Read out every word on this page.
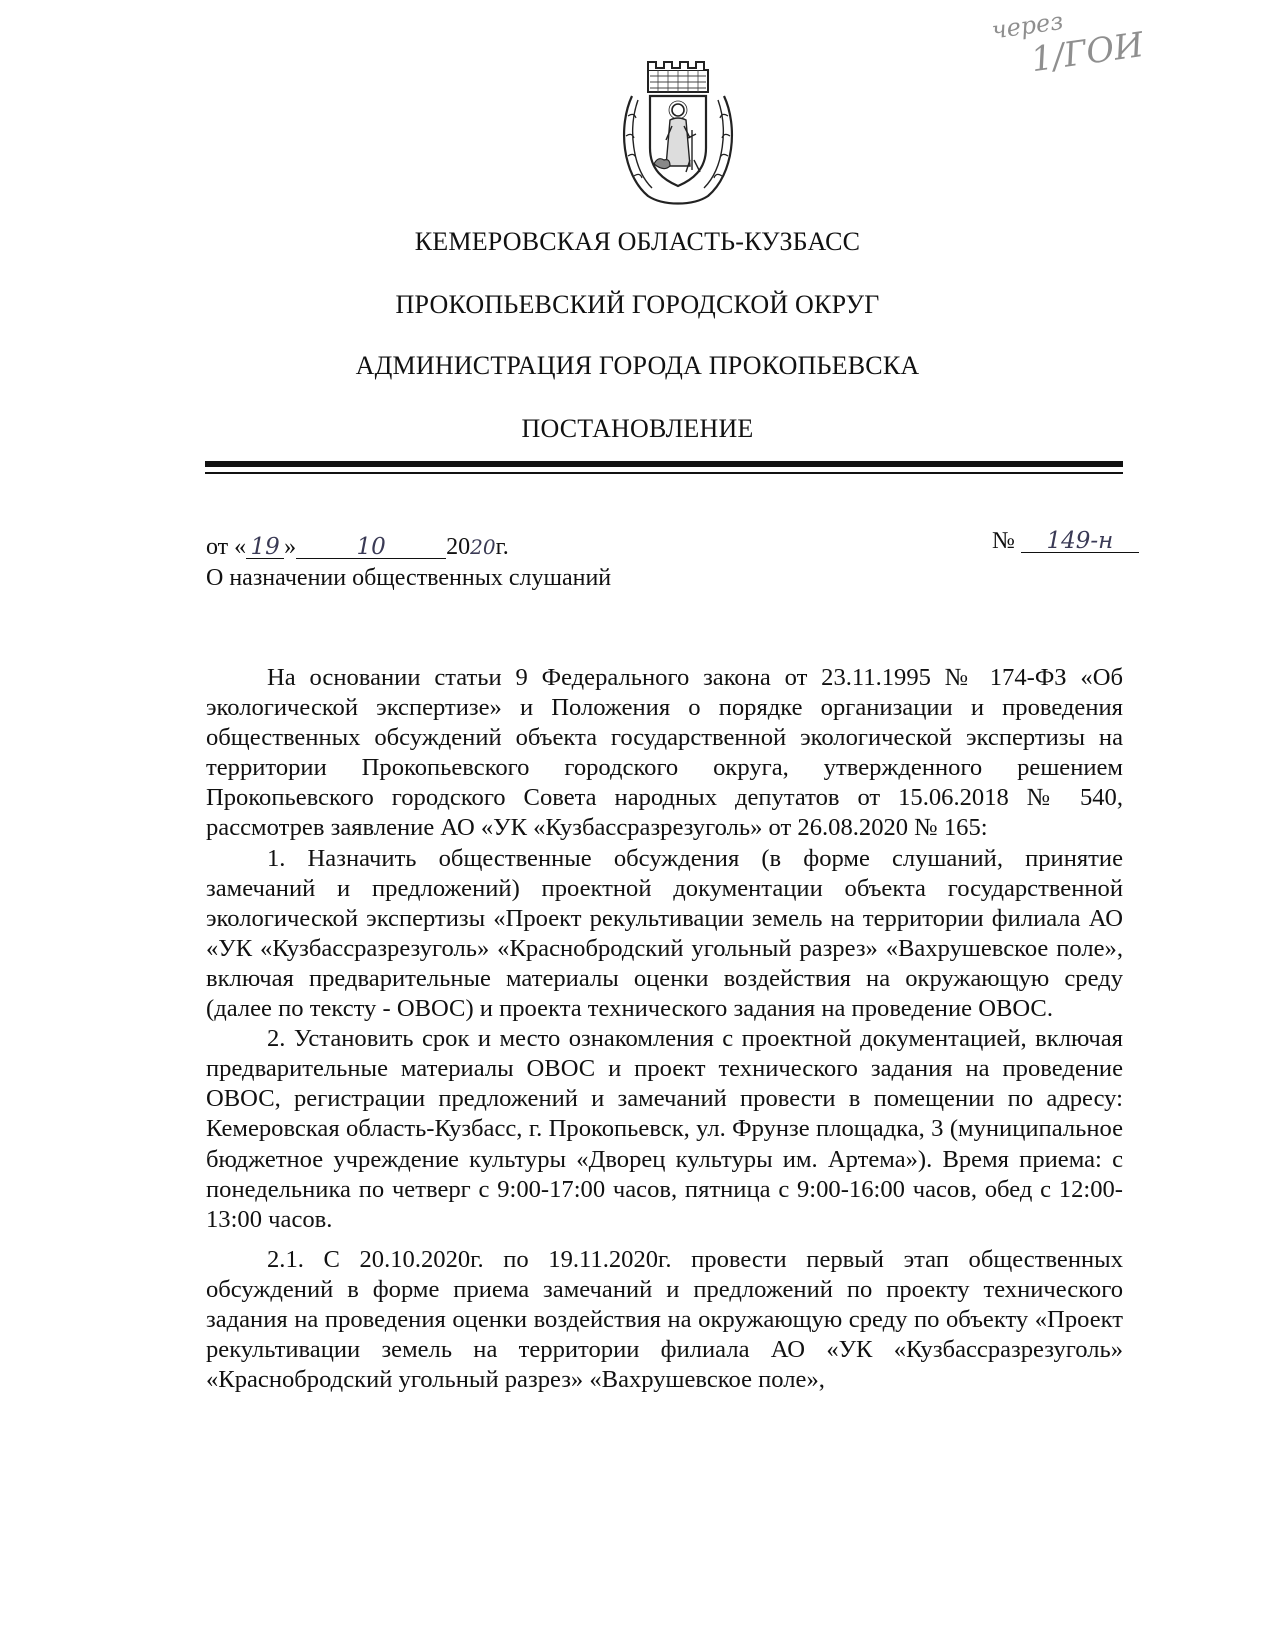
через
1/ГОИ
КЕМЕРОВСКАЯ ОБЛАСТЬ-КУЗБАСС
ПРОКОПЬЕВСКИЙ ГОРОДСКОЙ ОКРУГ
АДМИНИСТРАЦИЯ ГОРОДА ПРОКОПЬЕВСКА
ПОСТАНОВЛЕНИЕ
от « 19 »	10	2020г.	№ 149-н
О назначении общественных слушаний

На основании статьи 9 Федерального закона от 23.11.1995 № 174-ФЗ «Об экологической экспертизе» и Положения о порядке организации и проведения общественных обсуждений объекта государственной экологической экспертизы на территории Прокопьевского городского округа, утвержденного решением Прокопьевского городского Совета народных депутатов от 15.06.2018 № 540, рассмотрев заявление АО «УК «Кузбассразрезуголь» от 26.08.2020 № 165:

1. Назначить общественные обсуждения (в форме слушаний, принятие замечаний и предложений) проектной документации объекта государственной экологической экспертизы «Проект рекультивации земель на территории филиала АО «УК «Кузбассразрезуголь» «Краснобродский угольный разрез» «Вахрушевское поле», включая предварительные материалы оценки воздействия на окружающую среду (далее по тексту - ОВОС) и проекта технического задания на проведение ОВОС.

2. Установить срок и место ознакомления с проектной документацией, включая предварительные материалы ОВОС и проект технического задания на проведение ОВОС, регистрации предложений и замечаний провести в помещении по адресу: Кемеровская область-Кузбасс, г. Прокопьевск, ул. Фрунзе площадка, 3 (муниципальное бюджетное учреждение культуры «Дворец культуры им. Артема»). Время приема: с понедельника по четверг с 9:00-17:00 часов, пятница с 9:00-16:00 часов, обед с 12:00-13:00 часов.

2.1. С 20.10.2020г. по 19.11.2020г. провести первый этап общественных обсуждений в форме приема замечаний и предложений по проекту технического задания на проведения оценки воздействия на окружающую среду по объекту «Проект рекультивации земель на территории филиала АО «УК «Кузбассразрезуголь» «Краснобродский угольный разрез» «Вахрушевское поле»,
